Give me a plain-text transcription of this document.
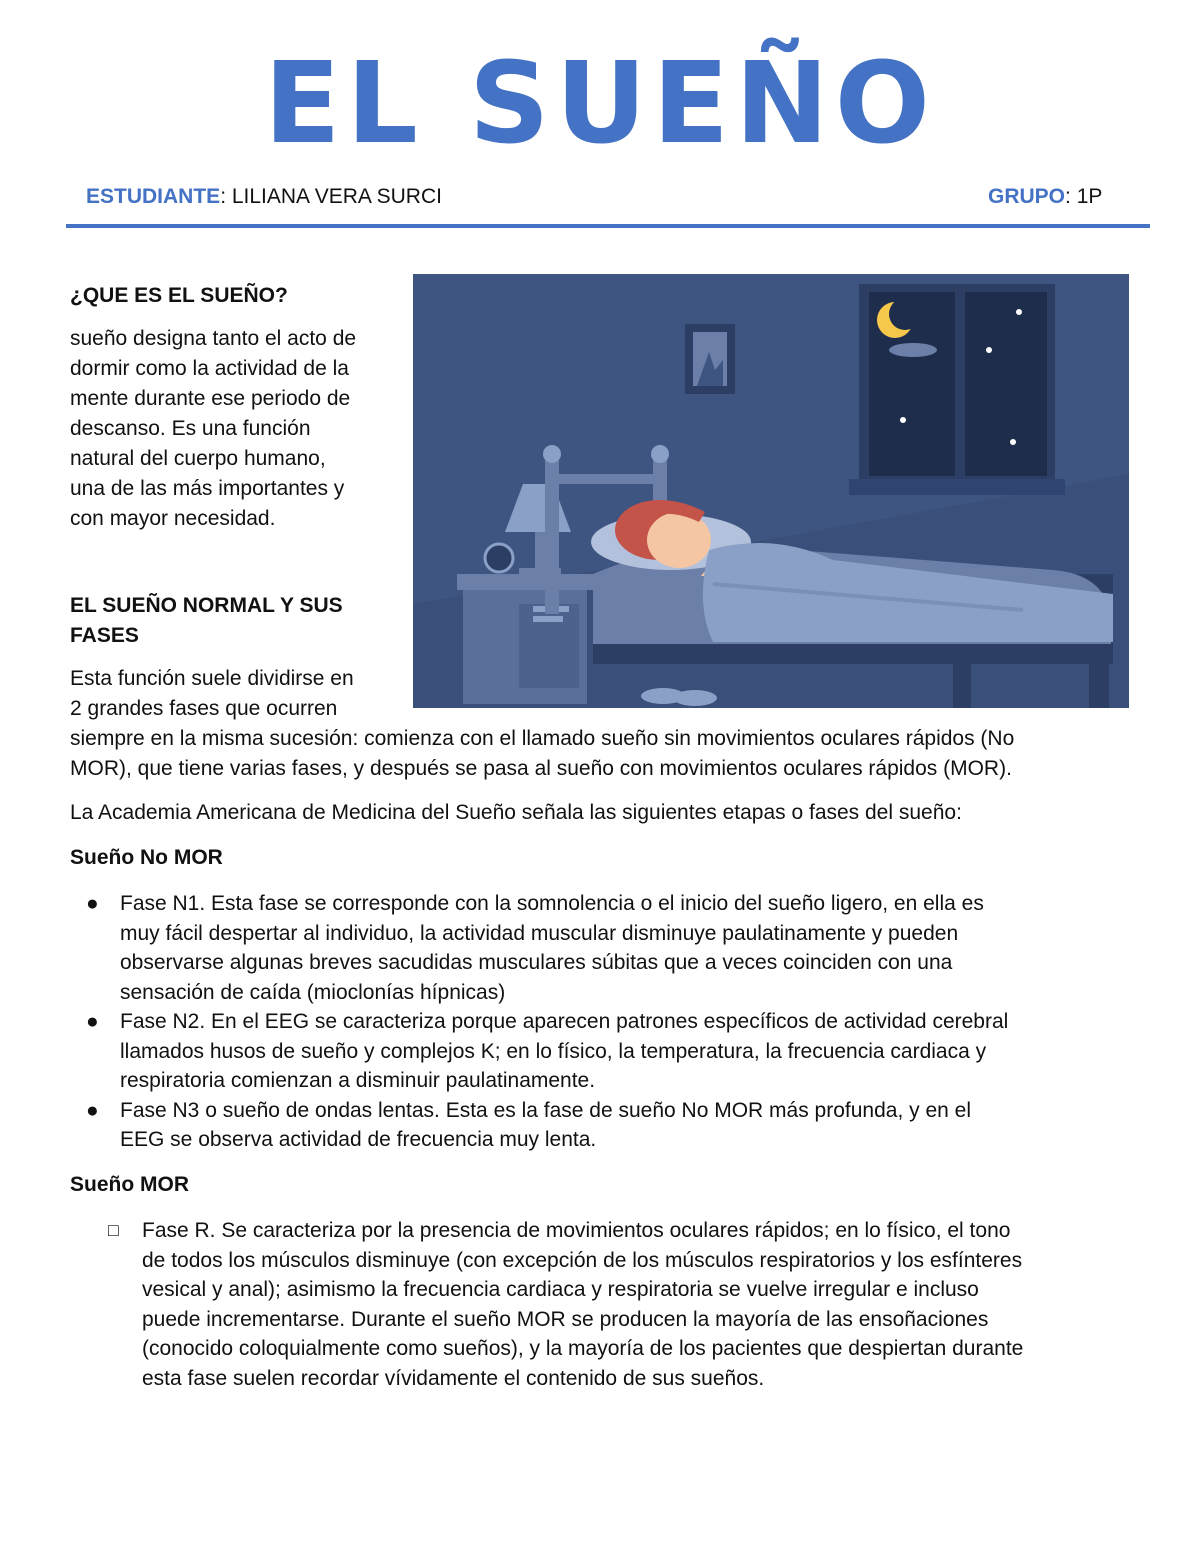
EL SUEÑO
ESTUDIANTE: LILIANA VERA SURCI	GRUPO: 1P
¿QUE ES EL SUEÑO?
sueño designa tanto el acto de
dormir como la actividad de la
mente durante ese periodo de
descanso. Es una función
natural del cuerpo humano,
una de las más importantes y
con mayor necesidad.
EL SUEÑO NORMAL Y SUS
FASES
Esta función suele dividirse en
2 grandes fases que ocurren
siempre en la misma sucesión: comienza con el llamado sueño sin movimientos oculares rápidos (No
MOR), que tiene varias fases, y después se pasa al sueño con movimientos oculares rápidos (MOR).
La Academia Americana de Medicina del Sueño señala las siguientes etapas o fases del sueño:
Sueño No MOR
● Fase N1. Esta fase se corresponde con la somnolencia o el inicio del sueño ligero, en ella es
muy fácil despertar al individuo, la actividad muscular disminuye paulatinamente y pueden
observarse algunas breves sacudidas musculares súbitas que a veces coinciden con una
sensación de caída (mioclonías hípnicas)
● Fase N2. En el EEG se caracteriza porque aparecen patrones específicos de actividad cerebral
llamados husos de sueño y complejos K; en lo físico, la temperatura, la frecuencia cardiaca y
respiratoria comienzan a disminuir paulatinamente.
● Fase N3 o sueño de ondas lentas. Esta es la fase de sueño No MOR más profunda, y en el
EEG se observa actividad de frecuencia muy lenta.
Sueño MOR
□ Fase R. Se caracteriza por la presencia de movimientos oculares rápidos; en lo físico, el tono
de todos los músculos disminuye (con excepción de los músculos respiratorios y los esfínteres
vesical y anal); asimismo la frecuencia cardiaca y respiratoria se vuelve irregular e incluso
puede incrementarse. Durante el sueño MOR se producen la mayoría de las ensoñaciones
(conocido coloquialmente como sueños), y la mayoría de los pacientes que despiertan durante
esta fase suelen recordar vívidamente el contenido de sus sueños.
